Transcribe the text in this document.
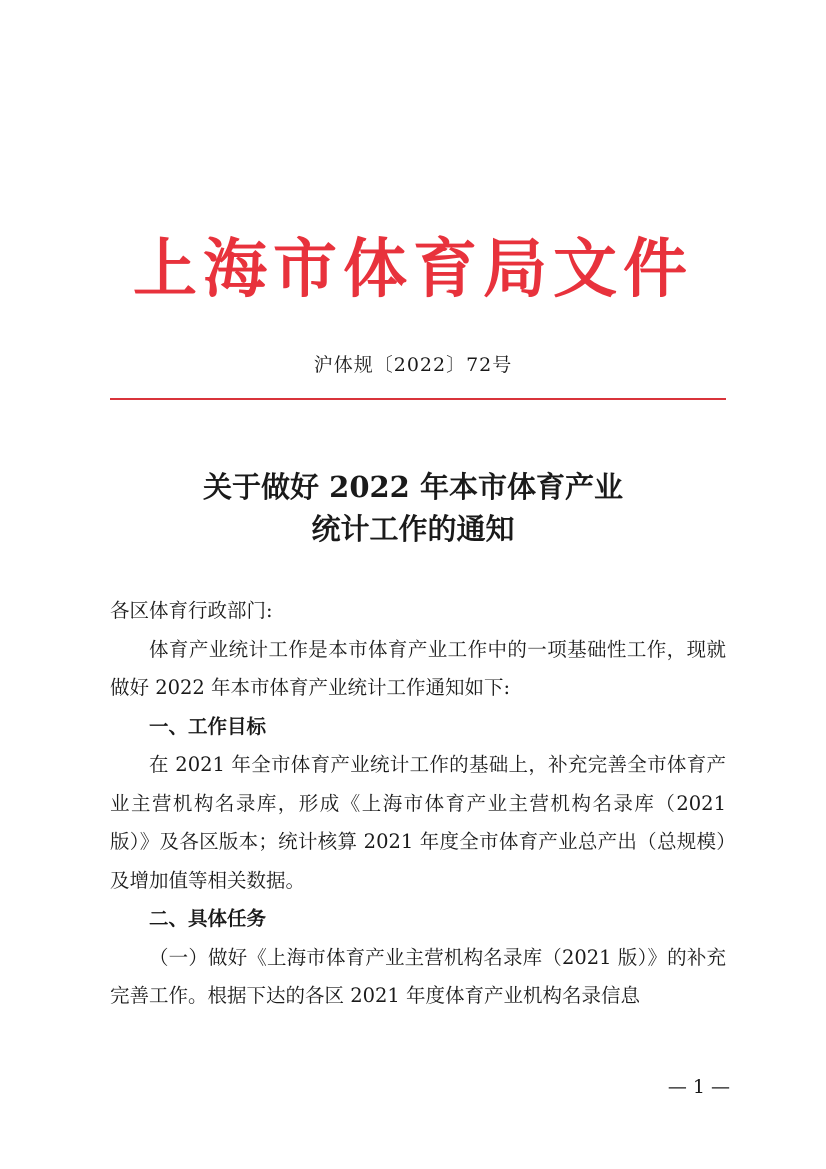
上海市体育局文件
沪体规〔2022〕72号
关于做好 2022 年本市体育产业
统计工作的通知

各区体育行政部门:

体育产业统计工作是本市体育产业工作中的一项基础性工作，现就做好 2022 年本市体育产业统计工作通知如下:

一、工作目标

在 2021 年全市体育产业统计工作的基础上，补充完善全市体育产业主营机构名录库，形成《上海市体育产业主营机构名录库（2021 版）》及各区版本；统计核算 2021 年度全市体育产业总产出（总规模）及增加值等相关数据。

二、具体任务

（一）做好《上海市体育产业主营机构名录库（2021 版）》的补充完善工作。根据下达的各区 2021 年度体育产业机构名录信息

— 1 —
